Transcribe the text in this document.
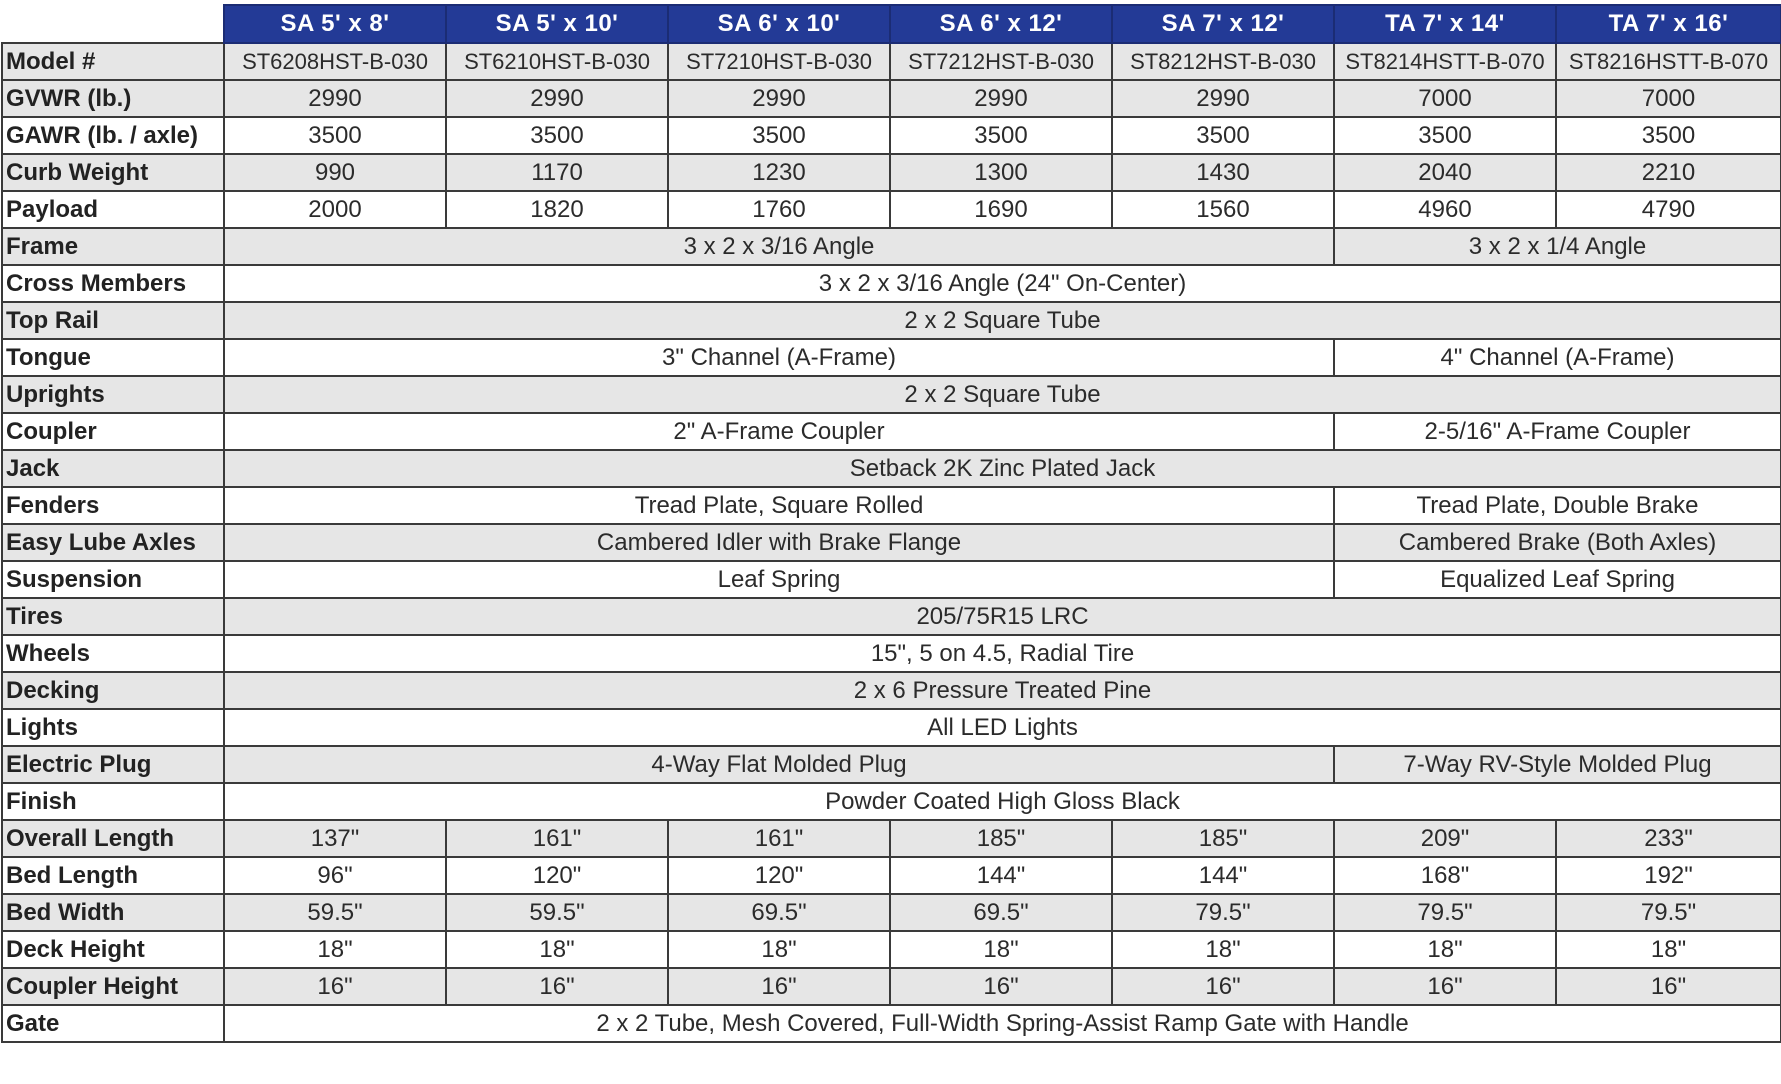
	SA 5' x 8'	SA 5' x 10'	SA 6' x 10'	SA 6' x 12'	SA 7' x 12'	TA 7' x 14'	TA 7' x 16'
Model #	ST6208HST-B-030	ST6210HST-B-030	ST7210HST-B-030	ST7212HST-B-030	ST8212HST-B-030	ST8214HSTT-B-070	ST8216HSTT-B-070
GVWR (lb.)	2990	2990	2990	2990	2990	7000	7000
GAWR (lb. / axle)	3500	3500	3500	3500	3500	3500	3500
Curb Weight	990	1170	1230	1300	1430	2040	2210
Payload	2000	1820	1760	1690	1560	4960	4790
Frame	3 x 2 x 3/16 Angle					3 x 2 x 1/4 Angle	
Cross Members	3 x 2 x 3/16 Angle (24" On-Center)						
Top Rail	2 x 2 Square Tube						
Tongue	3" Channel (A-Frame)					4" Channel (A-Frame)	
Uprights	2 x 2 Square Tube						
Coupler	2" A-Frame Coupler					2-5/16" A-Frame Coupler	
Jack	Setback 2K Zinc Plated Jack						
Fenders	Tread Plate, Square Rolled					Tread Plate, Double Brake	
Easy Lube Axles	Cambered Idler with Brake Flange					Cambered Brake (Both Axles)	
Suspension	Leaf Spring					Equalized Leaf Spring	
Tires	205/75R15 LRC						
Wheels	15", 5 on 4.5, Radial Tire						
Decking	2 x 6 Pressure Treated Pine						
Lights	All LED Lights						
Electric Plug	4-Way Flat Molded Plug					7-Way RV-Style Molded Plug	
Finish	Powder Coated High Gloss Black						
Overall Length	137"	161"	161"	185"	185"	209"	233"
Bed Length	96"	120"	120"	144"	144"	168"	192"
Bed Width	59.5"	59.5"	69.5"	69.5"	79.5"	79.5"	79.5"
Deck Height	18"	18"	18"	18"	18"	18"	18"
Coupler Height	16"	16"	16"	16"	16"	16"	16"
Gate	2 x 2 Tube, Mesh Covered, Full-Width Spring-Assist Ramp Gate with Handle						
